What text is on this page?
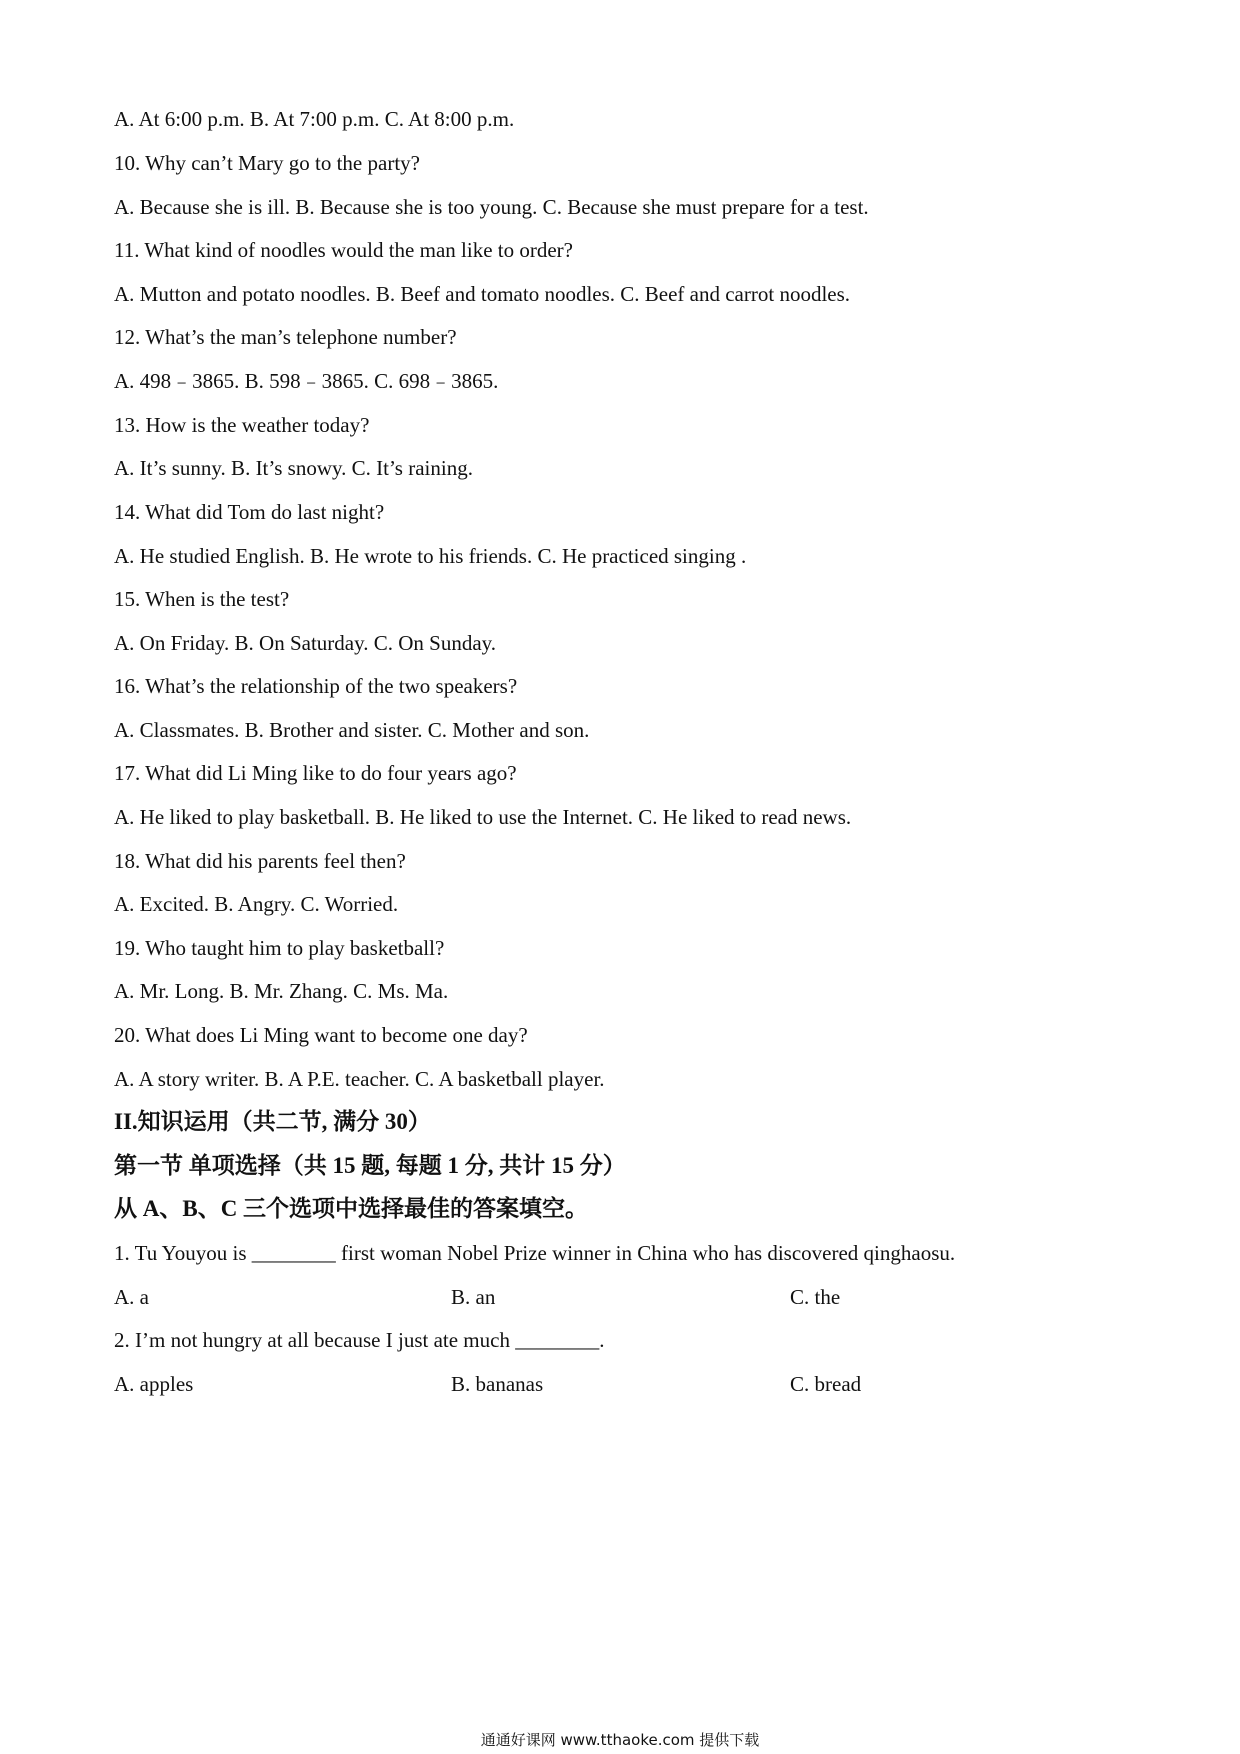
A. At 6:00 p.m. B. At 7:00 p.m. C. At 8:00 p.m.
10. Why can’t Mary go to the party?
A. Because she is ill. B. Because she is too young. C. Because she must prepare for a test.
11. What kind of noodles would the man like to order?
A. Mutton and potato noodles. B. Beef and tomato noodles. C. Beef and carrot noodles.
12. What’s the man’s telephone number?
A. 498﹣3865. B. 598﹣3865. C. 698﹣3865.
13. How is the weather today?
A. It’s sunny. B. It’s snowy. C. It’s raining.
14. What did Tom do last night?
A. He studied English. B. He wrote to his friends. C. He practiced singing .
15. When is the test?
A. On Friday. B. On Saturday. C. On Sunday.
16. What’s the relationship of the two speakers?
A. Classmates. B. Brother and sister. C. Mother and son.
17. What did Li Ming like to do four years ago?
A. He liked to play basketball. B. He liked to use the Internet. C. He liked to read news.
18. What did his parents feel then?
A. Excited. B. Angry. C. Worried.
19. Who taught him to play basketball?
A. Mr. Long. B. Mr. Zhang. C. Ms. Ma.
20. What does Li Ming want to become one day?
A. A story writer. B. A P.E. teacher. C. A basketball player.
II.知识运用（共二节, 满分 30）
第一节 单项选择（共 15 题, 每题 1 分, 共计 15 分）
从 A、B、C 三个选项中选择最佳的答案填空。
1. Tu Youyou is ________ first woman Nobel Prize winner in China who has discovered qinghaosu.
A. a	B. an	C. the
2. I’m not hungry at all because I just ate much ________.
A. apples	B. bananas	C. bread
通通好课网 www.tthaoke.com 提供下载
